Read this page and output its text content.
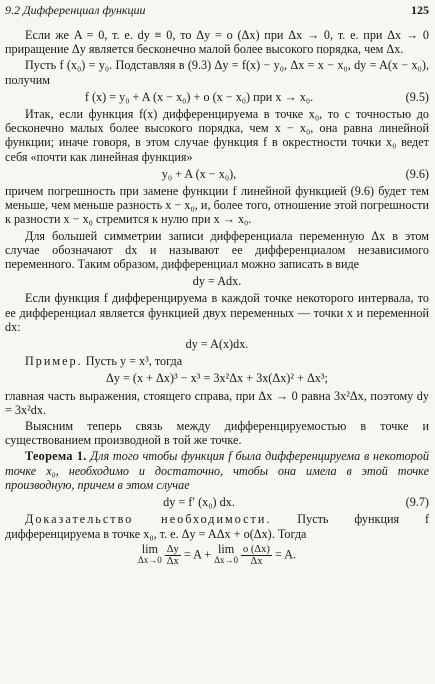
9.2 Дифференциал функции	125

Если же A = 0, т. е. dy ≡ 0, то Δy = o (Δx) при Δx → 0, т. е. при Δx → 0 приращение Δy является бесконечно малой более высокого порядка, чем Δx.

Пусть f (x₀) = y₀. Подставляя в (9.3) Δy = f(x) − y₀, Δx = x − x₀, dy = A(x − x₀), получим

f (x) = y₀ + A (x − x₀) + o (x − x₀) при x → x₀.	(9.5)

Итак, если функция f(x) дифференцируема в точке x₀, то с точностью до бесконечно малых более высокого порядка, чем x − x₀, она равна линейной функции; иначе говоря, в этом случае функция f в окрестности точки x₀ ведет себя «почти как линейная функция»

y₀ + A (x − x₀),	(9.6)

причем погрешность при замене функции f линейной функцией (9.6) будет тем меньше, чем меньше разность x − x₀, и, более того, отношение этой погрешности к разности x − x₀ стремится к нулю при x → x₀.

Для большей симметрии записи дифференциала переменную Δx в этом случае обозначают dx и называют ее дифференциалом независимого переменного. Таким образом, дифференциал можно записать в виде

dy = Adx.

Если функция f дифференцируема в каждой точке некоторого интервала, то ее дифференциал является функцией двух переменных — точки x и переменной dx:

dy = A(x)dx.

Пример. Пусть y = x³, тогда

Δy = (x + Δx)³ − x³ = 3x²Δx + 3x(Δx)² + Δx³;

главная часть выражения, стоящего справа, при Δx → 0 равна 3x²Δx, поэтому dy = 3x²dx.

Выясним теперь связь между дифференцируемостью в точке и существованием производной в той же точке.

Теорема 1. Для того чтобы функция f была дифференцируема в некоторой точке x₀, необходимо и достаточно, чтобы она имела в этой точке производную, причем в этом случае

dy = f′ (x₀) dx.	(9.7)

Доказательство необходимости. Пусть функция f дифференцируема в точке x₀, т. е. Δy = AΔx + o(Δx). Тогда

lim
Δx→0
$\frac{\Delta y}{\Delta x} = A + \lim$
Δx→0
$\frac{o (\Delta x)}{\Delta x} = A$.
